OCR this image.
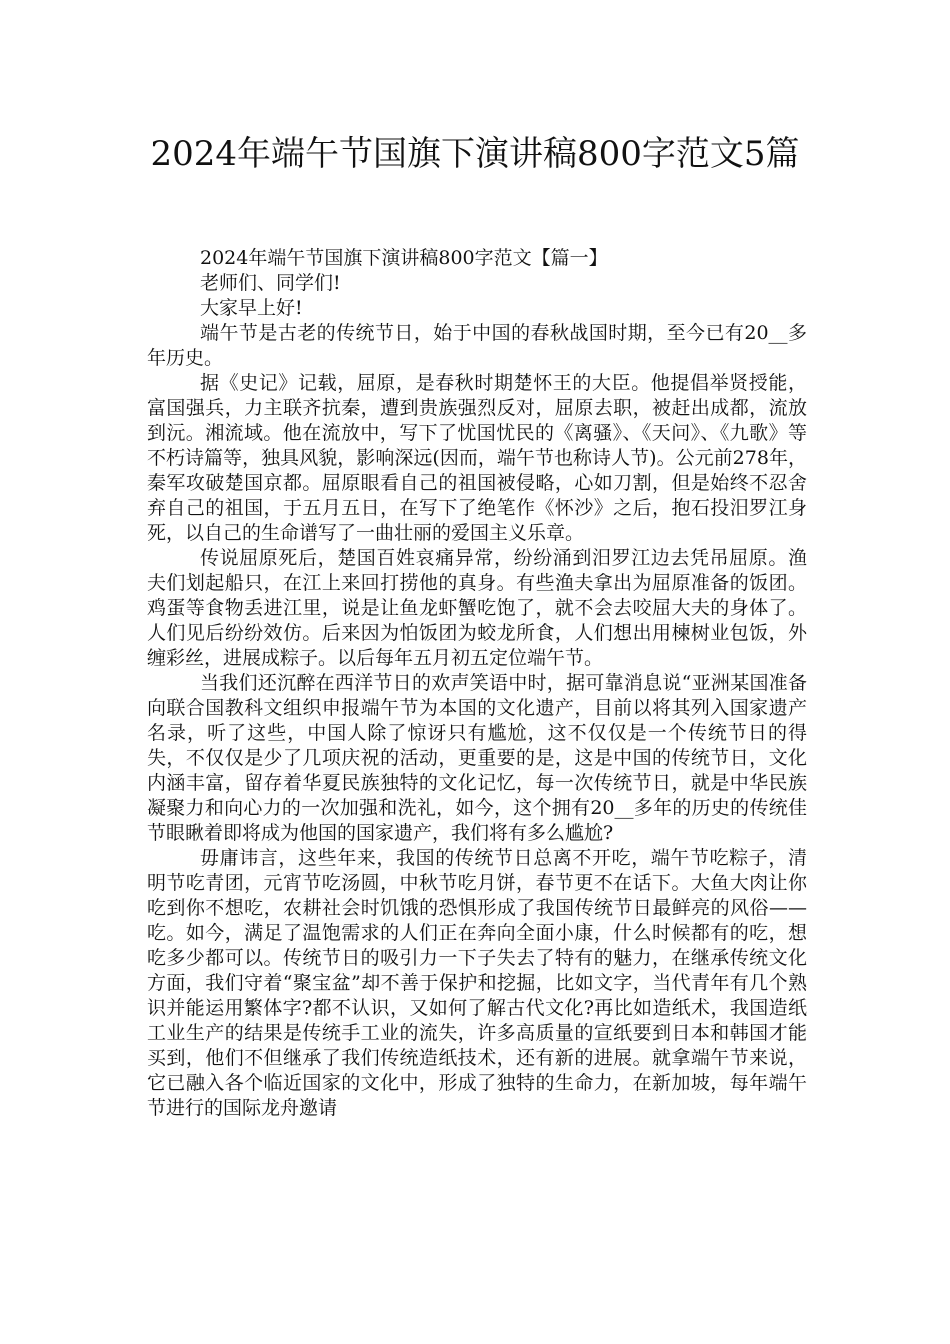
2024年端午节国旗下演讲稿800字范文5篇

2024年端午节国旗下演讲稿800字范文【篇一】

老师们、同学们!

大家早上好!

端午节是古老的传统节日，始于中国的春秋战国时期，至今已有20__多年历史。

据《史记》记载，屈原，是春秋时期楚怀王的大臣。他提倡举贤授能，富国强兵，力主联齐抗秦，遭到贵族强烈反对，屈原去职，被赶出成都，流放到沅。湘流域。他在流放中，写下了忧国忧民的《离骚》、《天问》、《九歌》等不朽诗篇等，独具风貌，影响深远(因而，端午节也称诗人节)。公元前278年，秦军攻破楚国京都。屈原眼看自己的祖国被侵略，心如刀割，但是始终不忍舍弃自己的祖国，于五月五日，在写下了绝笔作《怀沙》之后，抱石投汨罗江身死，以自己的生命谱写了一曲壮丽的爱国主义乐章。

传说屈原死后，楚国百姓哀痛异常，纷纷涌到汨罗江边去凭吊屈原。渔夫们划起船只，在江上来回打捞他的真身。有些渔夫拿出为屈原准备的饭团。鸡蛋等食物丢进江里，说是让鱼龙虾蟹吃饱了，就不会去咬屈大夫的身体了。人们见后纷纷效仿。后来因为怕饭团为蛟龙所食，人们想出用楝树业包饭，外缠彩丝，进展成粽子。以后每年五月初五定位端午节。

当我们还沉醉在西洋节日的欢声笑语中时，据可靠消息说“亚洲某国准备向联合国教科文组织申报端午节为本国的文化遗产，目前以将其列入国家遗产名录，听了这些，中国人除了惊讶只有尴尬，这不仅仅是一个传统节日的得失，不仅仅是少了几项庆祝的活动，更重要的是，这是中国的传统节日，文化内涵丰富，留存着华夏民族独特的文化记忆，每一次传统节日，就是中华民族凝聚力和向心力的一次加强和洗礼，如今，这个拥有20__多年的历史的传统佳节眼瞅着即将成为他国的国家遗产，我们将有多么尴尬?

毋庸讳言，这些年来，我国的传统节日总离不开吃，端午节吃粽子，清明节吃青团，元宵节吃汤圆，中秋节吃月饼，春节更不在话下。大鱼大肉让你吃到你不想吃，农耕社会时饥饿的恐惧形成了我国传统节日最鲜亮的风俗——吃。如今，满足了温饱需求的人们正在奔向全面小康，什么时候都有的吃，想吃多少都可以。传统节日的吸引力一下子失去了特有的魅力，在继承传统文化方面，我们守着“聚宝盆”却不善于保护和挖掘，比如文字，当代青年有几个熟识并能运用繁体字?都不认识，又如何了解古代文化?再比如造纸术，我国造纸工业生产的结果是传统手工业的流失，许多高质量的宣纸要到日本和韩国才能买到，他们不但继承了我们传统造纸技术，还有新的进展。就拿端午节来说，它已融入各个临近国家的文化中，形成了独特的生命力，在新加坡，每年端午节进行的国际龙舟邀请
